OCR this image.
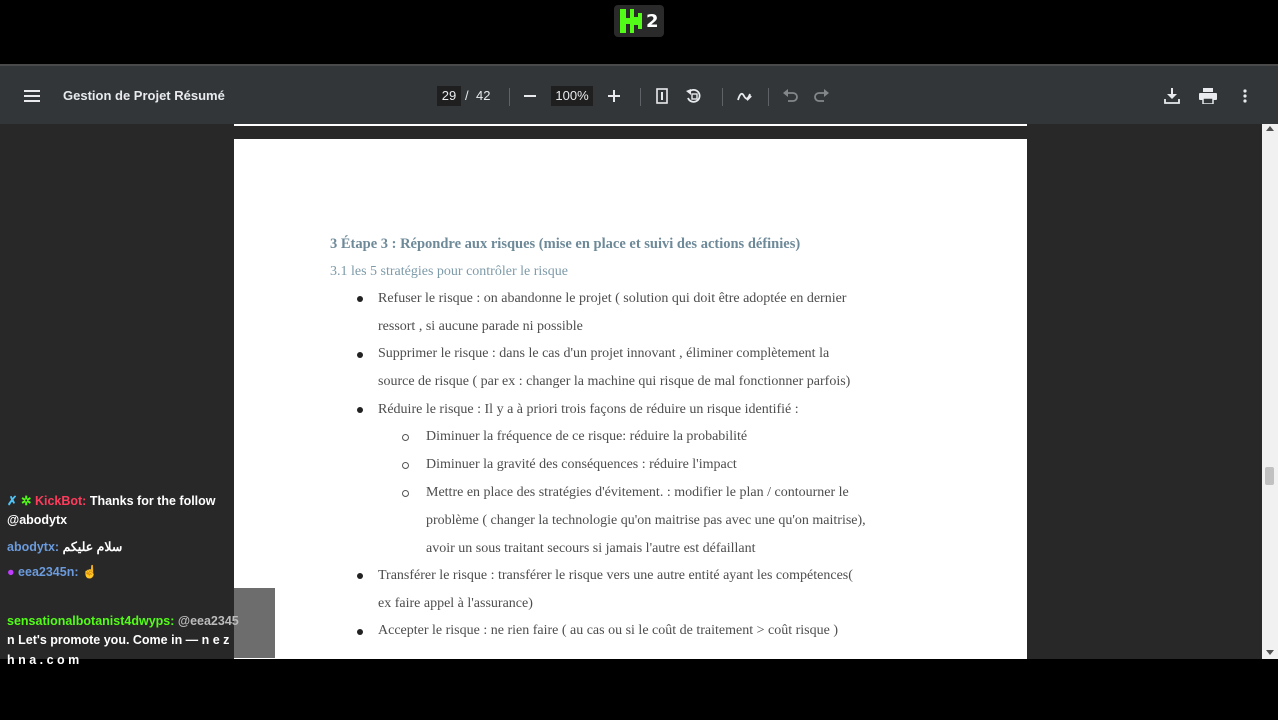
2
Gestion de Projet Résumé	29 / 42	100%
3 Étape 3 : Répondre aux risques (mise en place et suivi des actions définies)
3.1 les 5 stratégies pour contrôler le risque
Refuser le risque : on abandonne le projet ( solution qui doit être adoptée en dernier
ressort , si aucune parade ni possible
Supprimer le risque : dans le cas d'un projet innovant , éliminer complètement la
source de risque ( par ex : changer la machine qui risque de mal fonctionner parfois)
Réduire le risque : Il y a à priori trois façons de réduire un risque identifié :
Diminuer la fréquence de ce risque: réduire la probabilité
Diminuer la gravité des conséquences : réduire l'impact
Mettre en place des stratégies d'évitement. : modifier le plan / contourner le
problème ( changer la technologie qu'on maitrise pas avec une qu'on maitrise),
avoir un sous traitant secours si jamais l'autre est défaillant
Transférer le risque : transférer le risque vers une autre entité ayant les compétences(
ex faire appel à l'assurance)
Accepter le risque : ne rien faire ( au cas ou si le coût de traitement > coût risque )
✗ ✲ KickBot: Thanks for the follow
@abodytx
abodytx: سلام عليكم
● eea2345n: ☝
sensationalbotanist4dwyps: @eea2345
n Let's promote you. Come in — n e z
h n a . c o m
